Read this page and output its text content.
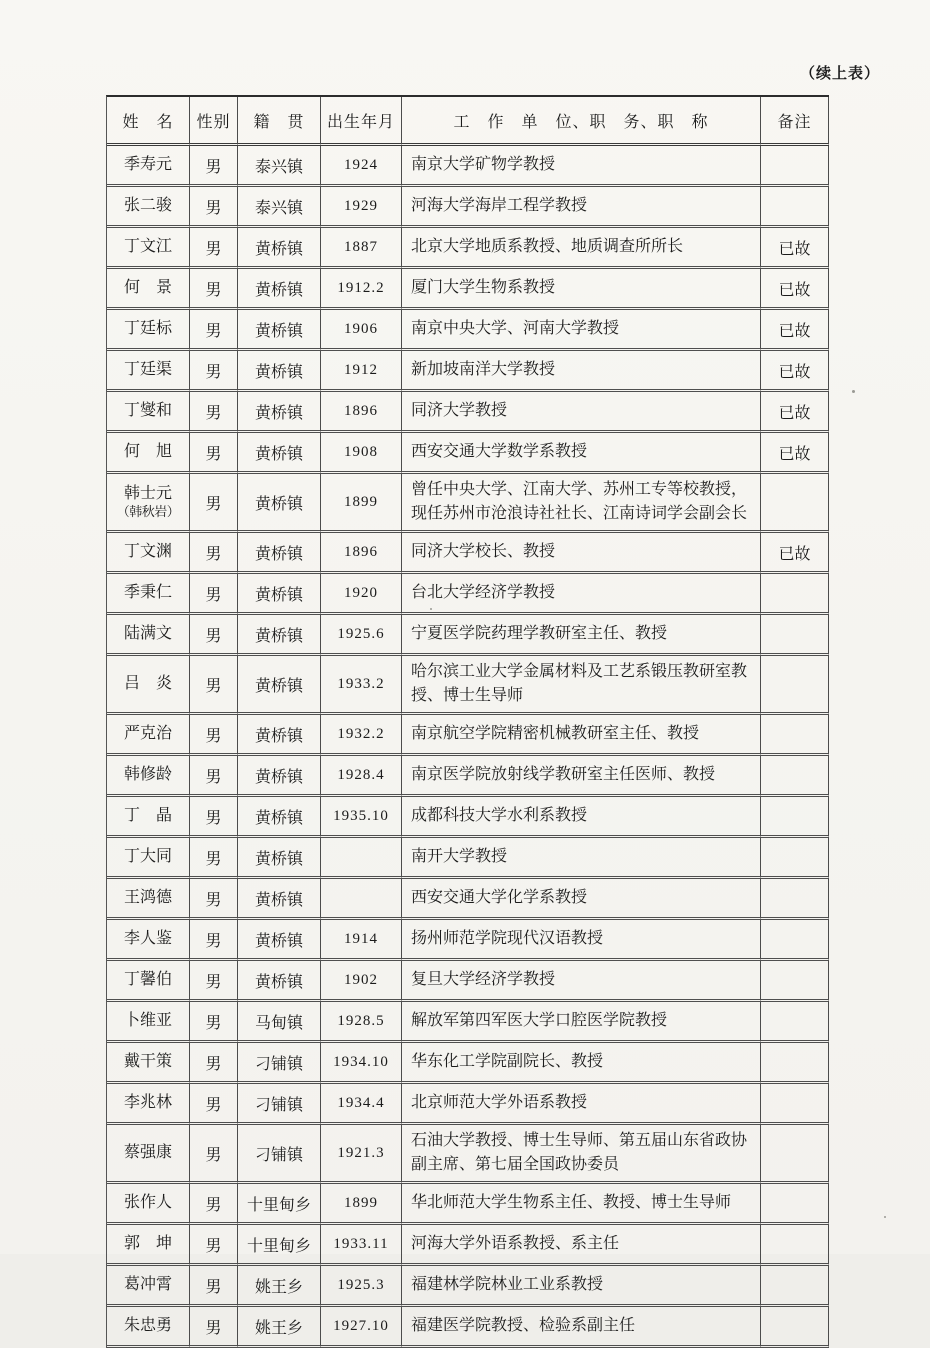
（续上表）
姓　名	性别	籍　贯	出生年月	工　作　单　位、职　务、职　称	备注
季寿元	男	泰兴镇	1924	南京大学矿物学教授	
张二骏	男	泰兴镇	1929	河海大学海岸工程学教授	
丁文江	男	黄桥镇	1887	北京大学地质系教授、地质调查所所长	已故
何　景	男	黄桥镇	1912.2	厦门大学生物系教授	已故
丁廷标	男	黄桥镇	1906	南京中央大学、河南大学教授	已故
丁廷渠	男	黄桥镇	1912	新加坡南洋大学教授	已故
丁燮和	男	黄桥镇	1896	同济大学教授	已故
何　旭	男	黄桥镇	1908	西安交通大学数学系教授	已故
韩士元
（韩秋岩）	男	黄桥镇	1899	曾任中央大学、江南大学、苏州工专等校教授，现任苏州市沧浪诗社社长、江南诗词学会副会长	
丁文渊	男	黄桥镇	1896	同济大学校长、教授	已故
季秉仁	男	黄桥镇	1920	台北大学经济学教授	
陆满文	男	黄桥镇	1925.6	宁夏医学院药理学教研室主任、教授	
吕　炎	男	黄桥镇	1933.2	哈尔滨工业大学金属材料及工艺系锻压教研室教授、博士生导师	
严克治	男	黄桥镇	1932.2	南京航空学院精密机械教研室主任、教授	
韩修龄	男	黄桥镇	1928.4	南京医学院放射线学教研室主任医师、教授	
丁　晶	男	黄桥镇	1935.10	成都科技大学水利系教授	
丁大同	男	黄桥镇		南开大学教授	
王鸿德	男	黄桥镇		西安交通大学化学系教授	
李人鉴	男	黄桥镇	1914	扬州师范学院现代汉语教授	
丁馨伯	男	黄桥镇	1902	复旦大学经济学教授	
卜维亚	男	马甸镇	1928.5	解放军第四军医大学口腔医学院教授	
戴干策	男	刁铺镇	1934.10	华东化工学院副院长、教授	
李兆林	男	刁铺镇	1934.4	北京师范大学外语系教授	
蔡强康	男	刁铺镇	1921.3	石油大学教授、博士生导师、第五届山东省政协副主席、第七届全国政协委员	
张作人	男	十里甸乡	1899	华北师范大学生物系主任、教授、博士生导师	
郭　坤	男	十里甸乡	1933.11	河海大学外语系教授、系主任	
葛冲霄	男	姚王乡	1925.3	福建林学院林业工业系教授	
朱忠勇	男	姚王乡	1927.10	福建医学院教授、检验系副主任	
